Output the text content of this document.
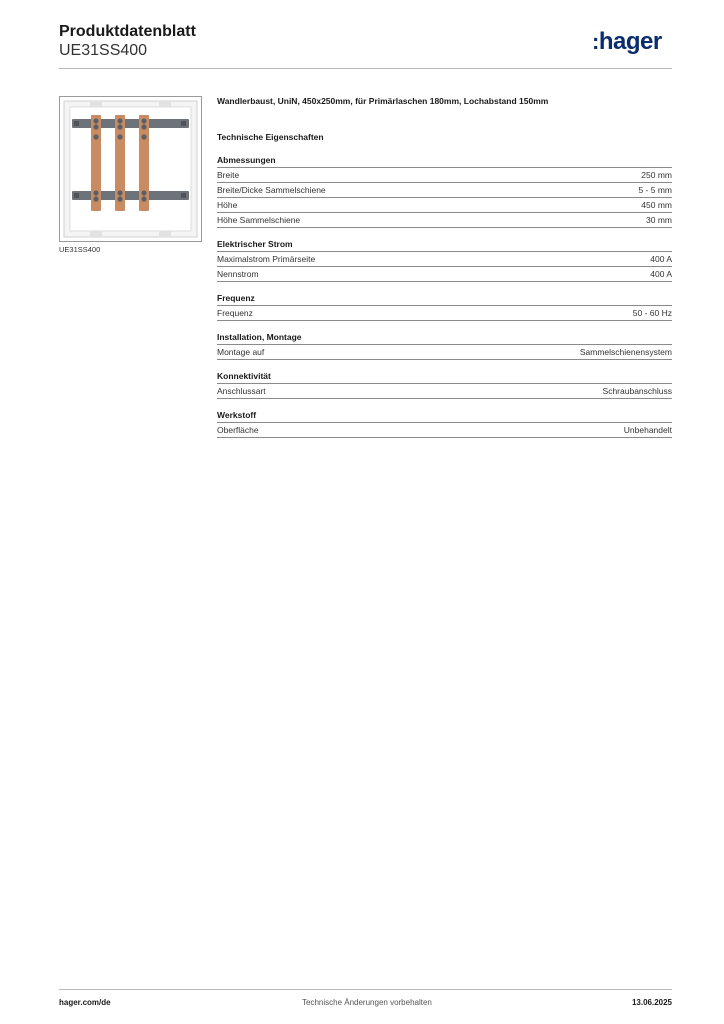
Produktdatenblatt
UE31SS400	:hager
UE31SS400
Wandlerbaust, UniN, 450x250mm, für Primärlaschen 180mm, Lochabstand 150mm
Technische Eigenschaften
Abmessungen
Breite	250 mm
Breite/Dicke Sammelschiene	5 - 5 mm
Höhe	450 mm
Höhe Sammelschiene	30 mm
Elektrischer Strom
Maximalstrom Primärseite	400 A
Nennstrom	400 A
Frequenz
Frequenz	50 - 60 Hz
Installation, Montage
Montage auf	Sammelschienensystem
Konnektivität
Anschlussart	Schraubanschluss
Werkstoff
Oberfläche	Unbehandelt
hager.com/de	Technische Änderungen vorbehalten	13.06.2025
